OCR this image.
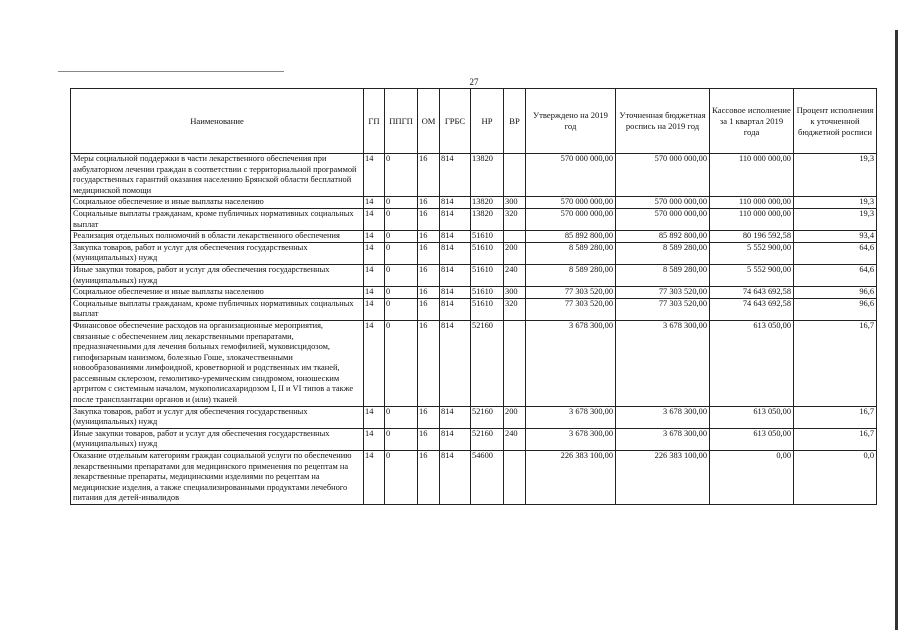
27
Наименование	ГП	ППГП	ОМ	ГРБС	НР	ВР	Утверждено на 2019 год	Уточненная бюджетная роспись на 2019 год	Кассовое исполнение за 1 квартал 2019 года	Процент исполнения к уточненной бюджетной росписи
Меры социальной поддержки в части лекарственного обеспечения при амбулаторном лечении граждан в соответствии с территориальной программой государственных гарантий оказания населению Брянской области бесплатной медицинской помощи	14	0	16	814	13820		570 000 000,00	570 000 000,00	110 000 000,00	19,3
Социальное обеспечение и иные выплаты населению	14	0	16	814	13820	300	570 000 000,00	570 000 000,00	110 000 000,00	19,3
Социальные выплаты гражданам, кроме публичных нормативных социальных выплат	14	0	16	814	13820	320	570 000 000,00	570 000 000,00	110 000 000,00	19,3
Реализация отдельных полномочий в области лекарственного обеспечения	14	0	16	814	51610		85 892 800,00	85 892 800,00	80 196 592,58	93,4
Закупка товаров, работ и услуг для обеспечения государственных (муниципальных) нужд	14	0	16	814	51610	200	8 589 280,00	8 589 280,00	5 552 900,00	64,6
Иные закупки товаров, работ и услуг для обеспечения государственных (муниципальных) нужд	14	0	16	814	51610	240	8 589 280,00	8 589 280,00	5 552 900,00	64,6
Социальное обеспечение и иные выплаты населению	14	0	16	814	51610	300	77 303 520,00	77 303 520,00	74 643 692,58	96,6
Социальные выплаты гражданам, кроме публичных нормативных социальных выплат	14	0	16	814	51610	320	77 303 520,00	77 303 520,00	74 643 692,58	96,6
Финансовое обеспечение расходов на организационные мероприятия, связанные с обеспечением лиц лекарственными препаратами, предназначенными для лечения больных гемофилией, муковисцидозом, гипофизарным нанизмом, болезнью Гоше, злокачественными новообразованиями лимфоидной, кроветворной и родственных им тканей, рассеянным склерозом, гемолитико-уремическим синдромом, юношеским артритом с системным началом, мукополисахаридозом I, II и VI типов а также после трансплантации органов и (или) тканей	14	0	16	814	52160		3 678 300,00	3 678 300,00	613 050,00	16,7
Закупка товаров, работ и услуг для обеспечения государственных (муниципальных) нужд	14	0	16	814	52160	200	3 678 300,00	3 678 300,00	613 050,00	16,7
Иные закупки товаров, работ и услуг для обеспечения государственных (муниципальных) нужд	14	0	16	814	52160	240	3 678 300,00	3 678 300,00	613 050,00	16,7
Оказание отдельным категориям граждан социальной услуги по обеспечению лекарственными препаратами для медицинского применения по рецептам на лекарственные препараты, медицинскими изделиями по рецептам на медицинские изделия, а также специализированными продуктами лечебного питания для детей-инвалидов	14	0	16	814	54600		226 383 100,00	226 383 100,00	0,00	0,0
